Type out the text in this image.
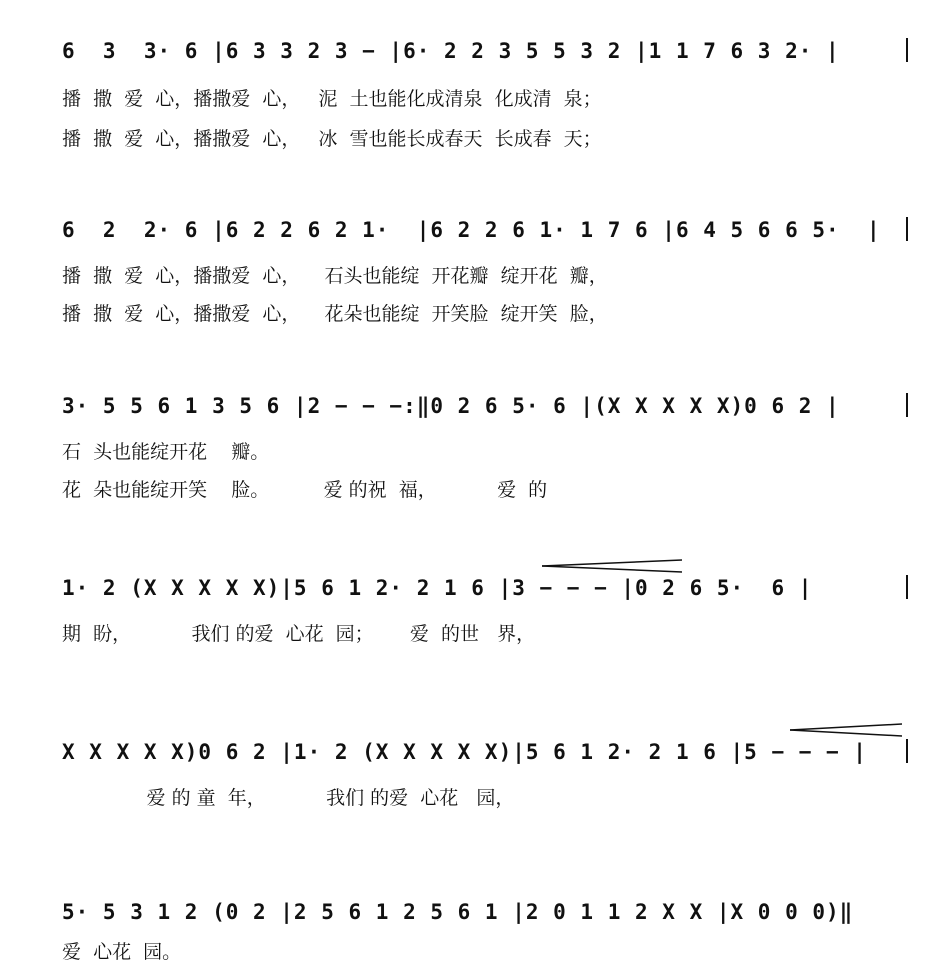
6  3  3· 6 |6 3 3 2 3 − |6· 2 2 3 5 5 3 2 |1 1 7 6 3 2· |
播  撒  爱  心，播撒爱  心，   泥  土也能化成清泉  化成清  泉；
播  撒  爱  心，播撒爱  心，   冰  雪也能长成春天  长成春  天；
6  2  2· 6 |6 2 2 6 2 1·  |6 2 2 6 1· 1 7 6 |6 4 5 6 6 5·  |
播  撒  爱  心，播撒爱  心，    石头也能绽  开花瓣  绽开花  瓣，
播  撒  爱  心，播撒爱  心，    花朵也能绽  开笑脸  绽开笑  脸，
3· 5 5 6 1 3 5 6 |2 − − −:‖0 2 6 5· 6 |(X X X X X)0 6 2 |
石  头也能绽开花    瓣。
花  朵也能绽开笑    脸。         爱 的祝  福，          爱  的
1· 2 (X X X X X)|5 6 1 2· 2 1 6 |3 − − − |0 2 6 5·  6 |
期  盼，          我们 的爱  心花  园；      爱  的世   界，
X X X X X)0 6 2 |1· 2 (X X X X X)|5 6 1 2· 2 1 6 |5 − − − |
爱 的 童  年，          我们 的爱  心花   园，
5· 5 3 1 2 (0 2 |2 5 6 1 2 5 6 1 |2 0 1 1 2 X X |X 0 0 0)‖
爱  心花  园。
